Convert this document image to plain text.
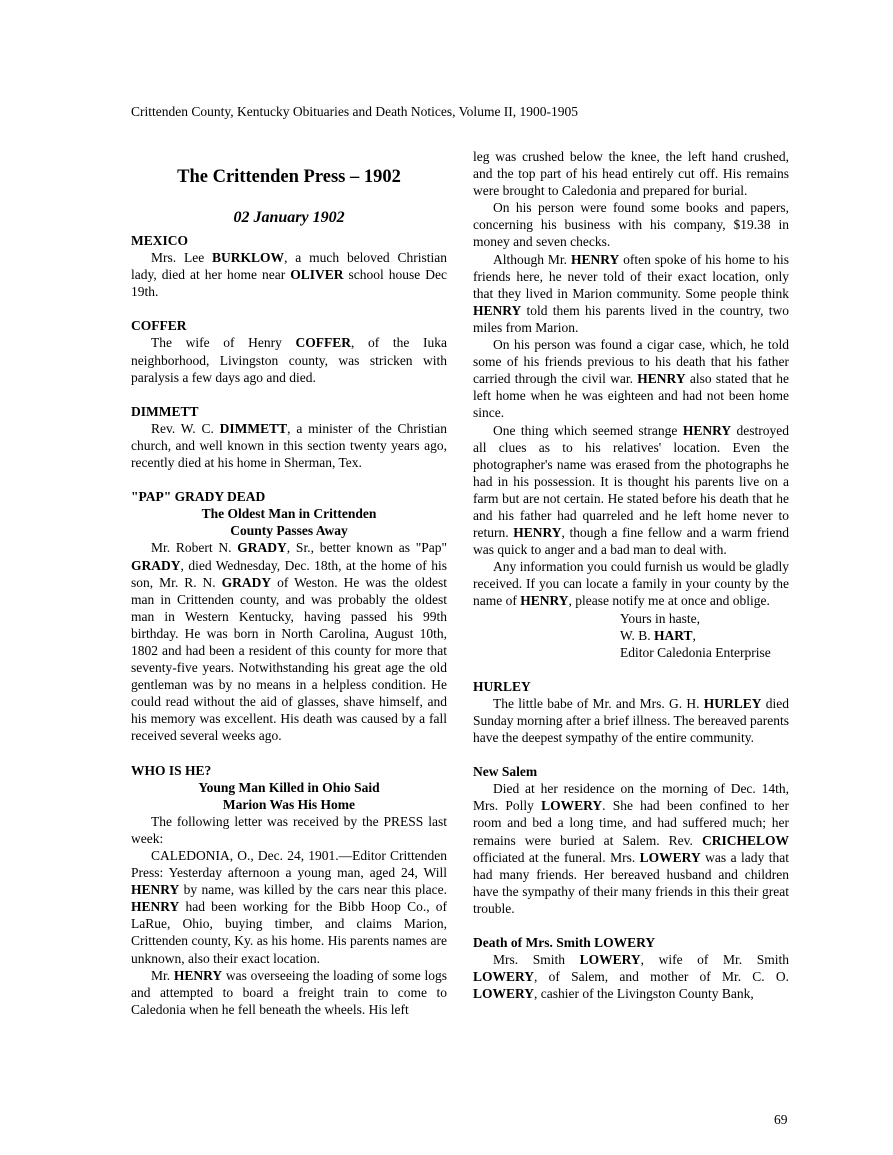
Crittenden County, Kentucky Obituaries and Death Notices, Volume II, 1900-1905
The Crittenden Press – 1902
02 January 1902
MEXICO

Mrs. Lee BURKLOW, a much beloved Christian lady, died at her home near OLIVER school house Dec 19th.

COFFER

The wife of Henry COFFER, of the Iuka neighborhood, Livingston county, was stricken with paralysis a few days ago and died.

DIMMETT

Rev. W. C. DIMMETT, a minister of the Christian church, and well known in this section twenty years ago, recently died at his home in Sherman, Tex.

"PAP" GRADY DEAD
The Oldest Man in Crittenden
County Passes Away

Mr. Robert N. GRADY, Sr., better known as "Pap" GRADY, died Wednesday, Dec. 18th, at the home of his son, Mr. R. N. GRADY of Weston. He was the oldest man in Crittenden county, and was probably the oldest man in Western Kentucky, having passed his 99th birthday. He was born in North Carolina, August 10th, 1802 and had been a resident of this county for more that seventy-five years. Notwithstanding his great age the old gentleman was by no means in a helpless condition. He could read without the aid of glasses, shave himself, and his memory was excellent. His death was caused by a fall received several weeks ago.

WHO IS HE?
Young Man Killed in Ohio Said
Marion Was His Home

The following letter was received by the PRESS last week:

CALEDONIA, O., Dec. 24, 1901.—Editor Crittenden Press: Yesterday afternoon a young man, aged 24, Will HENRY by name, was killed by the cars near this place. HENRY had been working for the Bibb Hoop Co., of LaRue, Ohio, buying timber, and claims Marion, Crittenden county, Ky. as his home. His parents names are unknown, also their exact location.

Mr. HENRY was overseeing the loading of some logs and attempted to board a freight train to come to Caledonia when he fell beneath the wheels. His left

leg was crushed below the knee, the left hand crushed, and the top part of his head entirely cut off. His remains were brought to Caledonia and prepared for burial.

On his person were found some books and papers, concerning his business with his company, $19.38 in money and seven checks.

Although Mr. HENRY often spoke of his home to his friends here, he never told of their exact location, only that they lived in Marion community. Some people think HENRY told them his parents lived in the country, two miles from Marion.

On his person was found a cigar case, which, he told some of his friends previous to his death that his father carried through the civil war. HENRY also stated that he left home when he was eighteen and had not been home since.

One thing which seemed strange HENRY destroyed all clues as to his relatives' location. Even the photographer's name was erased from the photographs he had in his possession. It is thought his parents live on a farm but are not certain. He stated before his death that he and his father had quarreled and he left home never to return. HENRY, though a fine fellow and a warm friend was quick to anger and a bad man to deal with.

Any information you could furnish us would be gladly received. If you can locate a family in your county by the name of HENRY, please notify me at once and oblige.

Yours in haste,
W. B. HART,
Editor Caledonia Enterprise
HURLEY

The little babe of Mr. and Mrs. G. H. HURLEY died Sunday morning after a brief illness. The bereaved parents have the deepest sympathy of the entire community.

New Salem

Died at her residence on the morning of Dec. 14th, Mrs. Polly LOWERY. She had been confined to her room and bed a long time, and had suffered much; her remains were buried at Salem. Rev. CRICHELOW officiated at the funeral. Mrs. LOWERY was a lady that had many friends. Her bereaved husband and children have the sympathy of their many friends in this their great trouble.

Death of Mrs. Smith LOWERY

Mrs. Smith LOWERY, wife of Mr. Smith LOWERY, of Salem, and mother of Mr. C. O. LOWERY, cashier of the Livingston County Bank,

69
